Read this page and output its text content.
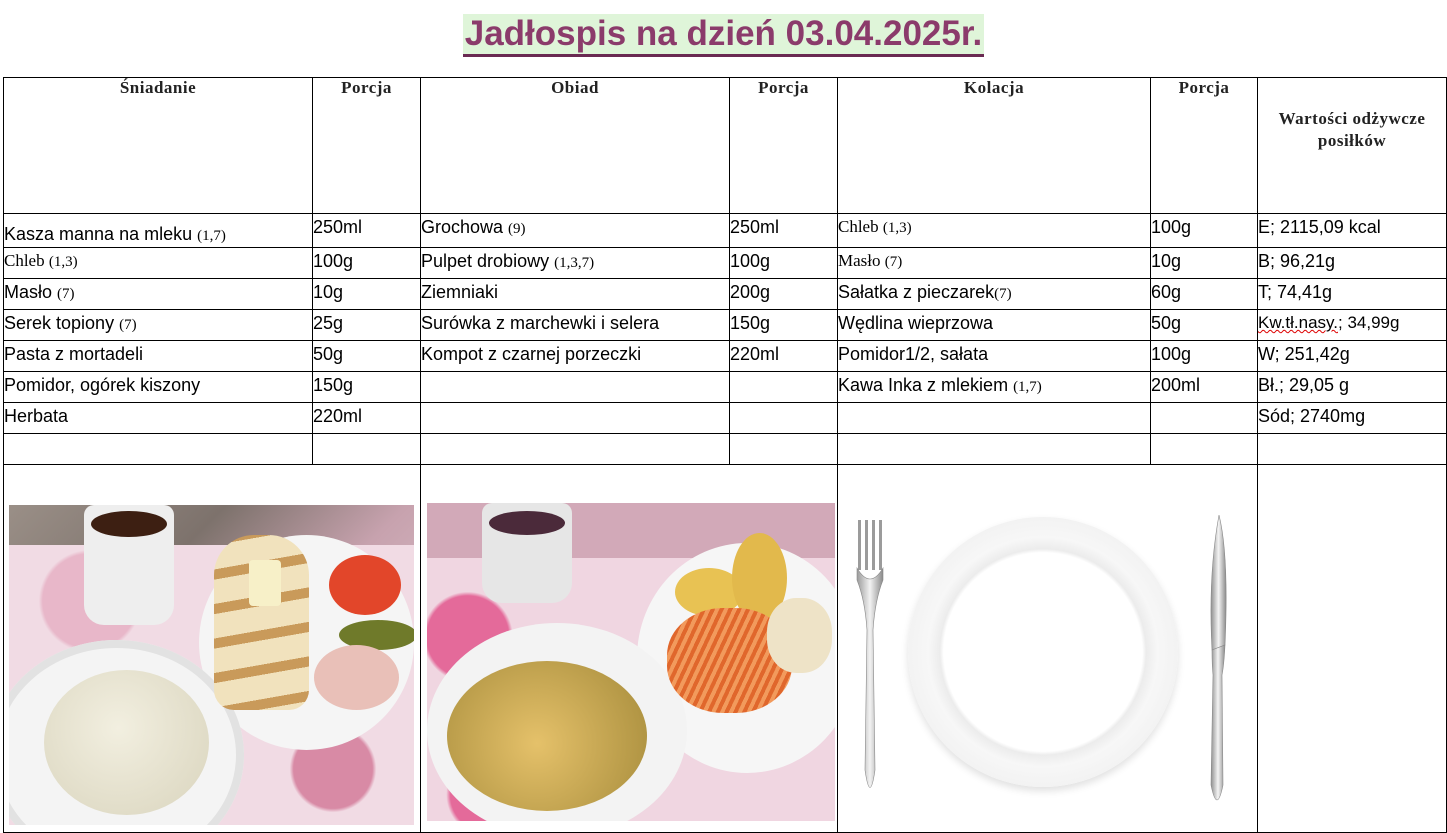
Jadłospis na dzień 03.04.2025r.
Śniadanie	Porcja	Obiad	Porcja	Kolacja	Porcja	Wartości odżywcze posiłków

Kasza manna na mleku (1,7)	250ml	Grochowa (9)	250ml	Chleb (1,3)	100g	E; 2115,09 kcal

Chleb (1,3)	100g	Pulpet drobiowy (1,3,7)	100g	Masło (7)	10g	B; 96,21g

Masło (7)	10g	Ziemniaki	200g	Sałatka z pieczarek(7)	60g	T; 74,41g

Serek topiony (7)	25g	Surówka z marchewki i selera	150g	Wędlina wieprzowa	50g	Kw.tł.nasy.; 34,99g

Pasta z mortadeli	50g	Kompot z czarnej porzeczki	220ml	Pomidor1/2, sałata	100g	W; 251,42g

Pomidor, ogórek kiszony	150g			Kawa Inka z mlekiem (1,7)	200ml	Bł.; 29,05 g

Herbata	220ml					Sód; 2740mg
